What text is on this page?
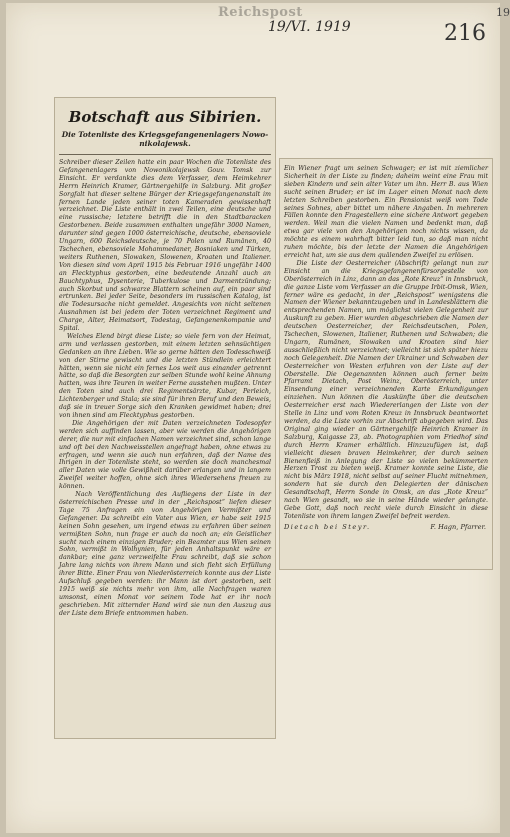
Reichspost	19
19/VI. 1919	216
Botschaft aus Sibirien.
Die Totenliste des Kriegsgefangenenlagers Nowo-nikolajewsk.
Schreiber dieser Zeilen hatte ein paar Wochen die Totenliste des Gefangenenlagers von Nowonikolajewsk Gouv. Tomsk zur Einsicht. Er verdankte dies dem Verfasser, dem Heimkehrer Herrn Heinrich Kramer, Gärtnergehilfe in Salzburg. Mit großer Sorgfalt hat dieser seltene Bürger der Kriegsgefangenanstalt im fernen Lande jeden seiner toten Kameraden gewissenhaft verzeichnet. Die Liste enthält in zwei Teilen, eine deutsche und eine russische; letztere betrifft die in den Stadtbaracken Gestorbenen. Beide zusammen enthalten ungefähr 3000 Namen, darunter sind gegen 1000 österreichische, deutsche, ebensoviele Ungarn, 600 Reichsdeutsche, je 70 Polen und Rumänen, 40 Tschechen, ebensoviele Mohammedaner, Bosniaken und Türken, weiters Ruthenen, Slowaken, Slowenen, Kroaten und Italiener. Von diesen sind vom April 1915 bis Februar 1916 ungefähr 1400 an Flecktyphus gestorben, eine bedeutende Anzahl auch an Bauchtyphus, Dysenterie, Tuberkulose und Darmentzündung; auch Skorbut und schwarze Blattern scheinen auf, ein paar sind ertrunken. Bei jeder Seite, besonders im russischen Katalog, ist die Todesursache nicht gemeldet. Angesichts von nicht seltenen Ausnahmen ist bei jedem der Toten verzeichnet Regiment und Charge, Alter, Heimatsort, Todestag, Gefangenenkompanie und Spital.
Welches Elend birgt diese Liste; so viele fern von der Heimat, arm und verlassen gestorben, mit einem letzten sehnsüchtigen Gedanken an ihre Lieben. Wie so gerne hätten den Todesschweiß von der Stirne gewischt und die letzten Stündlein erleichtert hätten, wenn sie nicht ein fernes Los weit aus einander getrennt hätte, so daß die Besorgten zur selben Stunde wohl keine Ahnung hatten, was ihre Teuren in weiter Ferne ausstehen mußten. Unter den Toten sind auch drei Regimentsärzte, Kubar, Perleich, Lichtenberger und Stala; sie sind für ihren Beruf und den Beweis, daß sie in treuer Sorge sich den Kranken gewidmet haben; drei von ihnen sind am Flecktyphus gestorben.
Die Angehörigen der mit Daten verzeichneten Todesopfer werden sich auffinden lassen, aber wie werden die Angehörigen derer, die nur mit einfachen Namen verzeichnet sind, schon lange und oft bei den Nachweisstellen angefragt haben, ohne etwas zu erfragen, und wenn sie auch nun erfahren, daß der Name des Ihrigen in der Totenliste steht, so werden sie doch manchesmal aller Daten wie volle Gewißheit darüber erlangen und in langem Zweifel weiter hoffen, ohne sich ihres Wiedersehens freuen zu können.
Nach Veröffentlichung des Aufliegens der Liste in der österreichischen Presse und in der „Reichspost“ liefen dieser Tage 75 Anfragen ein von Angehörigen Vermißter und Gefangener. Da schreibt ein Vater aus Wien, er habe seit 1915 keinen Sohn gesehen, um irgend etwas zu erfahren über seinen vermißten Sohn, nun frage er auch da noch an; ein Geistlicher sucht nach einem einzigen Bruder; ein Beamter aus Wien seinen Sohn, vermißt in Wolhynien, für jeden Anhaltspunkt wäre er dankbar; eine ganz verzweifelte Frau schreibt, daß sie schon Jahre lang nichts von ihrem Mann und sich fleht sich Erfüllung ihrer Bitte. Einer Frau von Niederösterreich konnte aus der Liste Aufschluß gegeben werden: ihr Mann ist dort gestorben, seit 1915 weiß sie nichts mehr von ihm, alle Nachfragen waren umsonst, einen Monat vor seinem Tode hat er ihr noch geschrieben. Mit zitternder Hand wird sie nun den Auszug aus der Liste dem Briefe entnommen haben.
Ein Wiener fragt um seinen Schwager; er ist mit ziemlicher Sicherheit in der Liste zu finden; daheim weint eine Frau mit sieben Kindern und sein alter Vater um ihn. Herr B. aus Wien sucht seinen Bruder; er ist im Lager einen Monat nach dem letzten Schreiben gestorben. Ein Pensionist weiß vom Tode seines Sohnes, aber bittet um nähere Angaben. In mehreren Fällen konnte den Fragestellern eine sichere Antwort gegeben werden. Weil man die vielen Namen und bedenkt man, daß etwa gar viele von den Angehörigen noch nichts wissen, da möchte es einem wahrhaft bitter leid tun, so daß man nicht ruhen möchte, bis der letzte der Namen die Angehörigen erreicht hat, um sie aus dem quälenden Zweifel zu erlösen.
Die Liste der Oesterreicher (Abschrift) gelangt nun zur Einsicht an die Kriegsgefangenenfürsorgestelle von Oberösterreich in Linz, dann an das „Rote Kreuz“ in Innsbruck, die ganze Liste vom Verfasser an die Gruppe Irbit-Omsk, Wien, ferner wäre es gedacht, in der „Reichspost“ wenigstens die Namen der Wiener bekanntzugeben und in Landesblättern die entsprechenden Namen, um möglichst vielen Gelegenheit zur Auskunft zu geben. Hier wurden abgeschrieben die Namen der deutschen Oesterreicher, der Reichsdeutschen, Polen, Tschechen, Slowenen, Italiener, Ruthenen und Schwaben; die Ungarn, Rumänen, Slowaken und Kroaten sind hier ausschließlich nicht verzeichnet; vielleicht ist sich später hiezu noch Gelegenheit. Die Namen der Ukrainer und Schwaben der Oesterreicher von Westen erfuhren von der Liste auf der Oberstelle. Die Oegenannten können auch ferner beim Pfarramt Dietach, Post Weinz, Oberösterreich, unter Einsendung einer verzeichnenden Karte Erkundigungen einziehen. Nun können die Auskünfte über die deutschen Oesterreicher erst nach Wiedererlangen der Liste von der Stelle in Linz und vom Roten Kreuz in Innsbruck beantwortet werden, da die Liste vorhin zur Abschrift abgegeben wird. Das Original ging wieder an Gärtnergehilfe Heinrich Kramer in Salzburg, Kaigasse 23, ab. Photographien vom Friedhof sind durch Herrn Kramer erhältlich. Hinzuzufügen ist, daß vielleicht diesen braven Heimkehrer, der durch seinen Bienenfleiß in Anlegung der Liste so vielen bekümmerten Herzen Trost zu bieten weiß. Kramer konnte seine Liste, die nicht bis März 1918, nicht selbst auf seiner Flucht mitnehmen, sondern hat sie durch den Delegierten der dänischen Gesandtschaft, Herrn Sonde in Omsk, an das „Rote Kreuz“ nach Wien gesandt, wo sie in seine Hände wieder gelangte. Gebe Gott, daß noch recht viele durch Einsicht in diese Totenliste von ihrem langen Zweifel befreit werden.
Dietach bei Steyr.	F. Hagn, Pfarrer.
